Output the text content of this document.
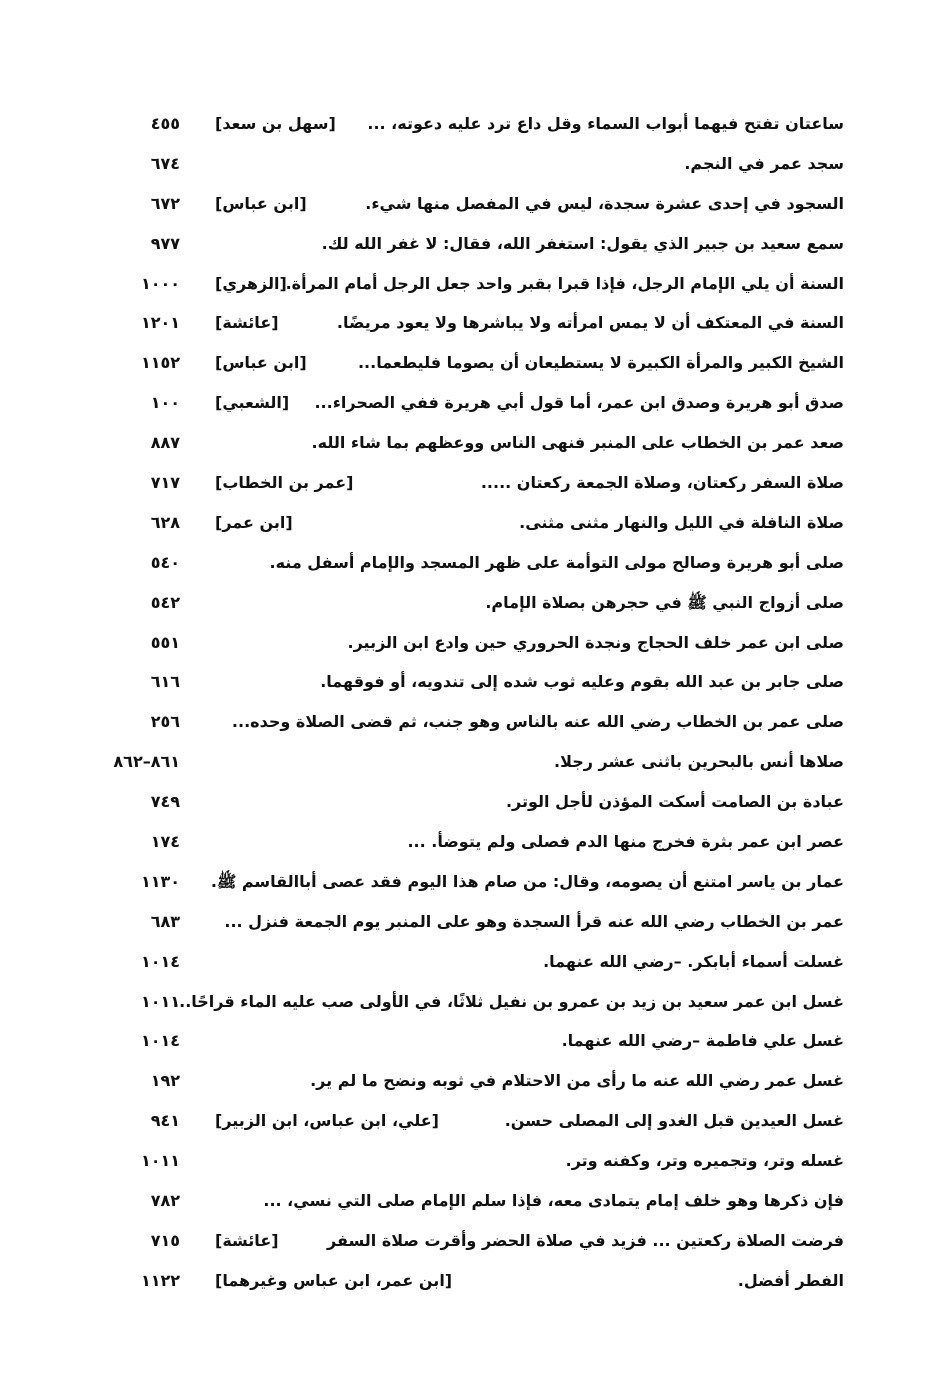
ساعتان تفتح فيهما أبواب السماء وقل داع ترد عليه دعوته، ...
[سهل بن سعد]
٤٥٥
سجد عمر في النجم.
٦٧٤
السجود في إحدى عشرة سجدة، ليس في المفصل منها شيء.
[ابن عباس]
٦٧٢
سمع سعيد بن جبير الذي يقول: استغفر الله، فقال: لا غفر الله لك.
٩٧٧
السنة أن يلي الإمام الرجل، فإذا قبرا بقبر واحد جعل الرجل أمام المرأة.
[الزهري]
١٠٠٠
السنة في المعتكف أن لا يمس امرأته ولا يباشرها ولا يعود مريضًا.
[عائشة]
١٢٠١
الشيخ الكبير والمرأة الكبيرة لا يستطيعان أن يصوما فليطعما...
[ابن عباس]
١١٥٢
صدق أبو هريرة وصدق ابن عمر، أما قول أبي هريرة ففي الصحراء...
[الشعبي]
١٠٠
صعد عمر بن الخطاب على المنبر فنهى الناس ووعظهم بما شاء الله.
٨٨٧
صلاة السفر ركعتان، وصلاة الجمعة ركعتان .....
[عمر بن الخطاب]
٧١٧
صلاة النافلة في الليل والنهار مثنى مثنى.
[ابن عمر]
٦٢٨
صلى أبو هريرة وصالح مولى التوأمة على ظهر المسجد والإمام أسفل منه.
٥٤٠
صلى أزواج النبي ﷺ في حجرهن بصلاة الإمام.
٥٤٢
صلى ابن عمر خلف الحجاج ونجدة الحروري حين وادع ابن الزبير.
٥٥١
صلى جابر بن عبد الله بقوم وعليه ثوب شده إلى تندويه، أو فوقهما.
٦١٦
صلى عمر بن الخطاب رضي الله عنه بالناس وهو جنب، ثم قضى الصلاة وحده...
٢٥٦
صلاها أنس بالبحرين باثنى عشر رجلا.
٨٦١–٨٦٢
عبادة بن الصامت أسكت المؤذن لأجل الوتر.
٧٤٩
عصر ابن عمر بثرة فخرج منها الدم فصلى ولم يتوضأ. ...
١٧٤
عمار بن ياسر امتنع أن يصومه، وقال: من صام هذا اليوم فقد عصى أباالقاسم ﷺ.
١١٣٠
عمر بن الخطاب رضي الله عنه قرأ السجدة وهو على المنبر يوم الجمعة فنزل ...
٦٨٣
غسلت أسماء أبابكر. –رضي الله عنهما.
١٠١٤
غسل ابن عمر سعيد بن زيد بن عمرو بن نفيل ثلاثًا، في الأولى صب عليه الماء قراحًا...
١٠١١
غسل علي فاطمة –رضي الله عنهما.
١٠١٤
غسل عمر رضي الله عنه ما رأى من الاحتلام في ثوبه ونضح ما لم ير.
١٩٢
غسل العيدين قبل الغدو إلى المصلى حسن.
[علي، ابن عباس، ابن الزبير]
٩٤١
غسله وتر، وتجميره وتر، وكفنه وتر.
١٠١١
فإن ذكرها وهو خلف إمام يتمادى معه، فإذا سلم الإمام صلى التي نسي، ...
٧٨٢
فرضت الصلاة ركعتين ... فزيد في صلاة الحضر وأقرت صلاة السفر
[عائشة]
٧١٥
الفطر أفضل.
[ابن عمر، ابن عباس وغيرهما]
١١٢٢
